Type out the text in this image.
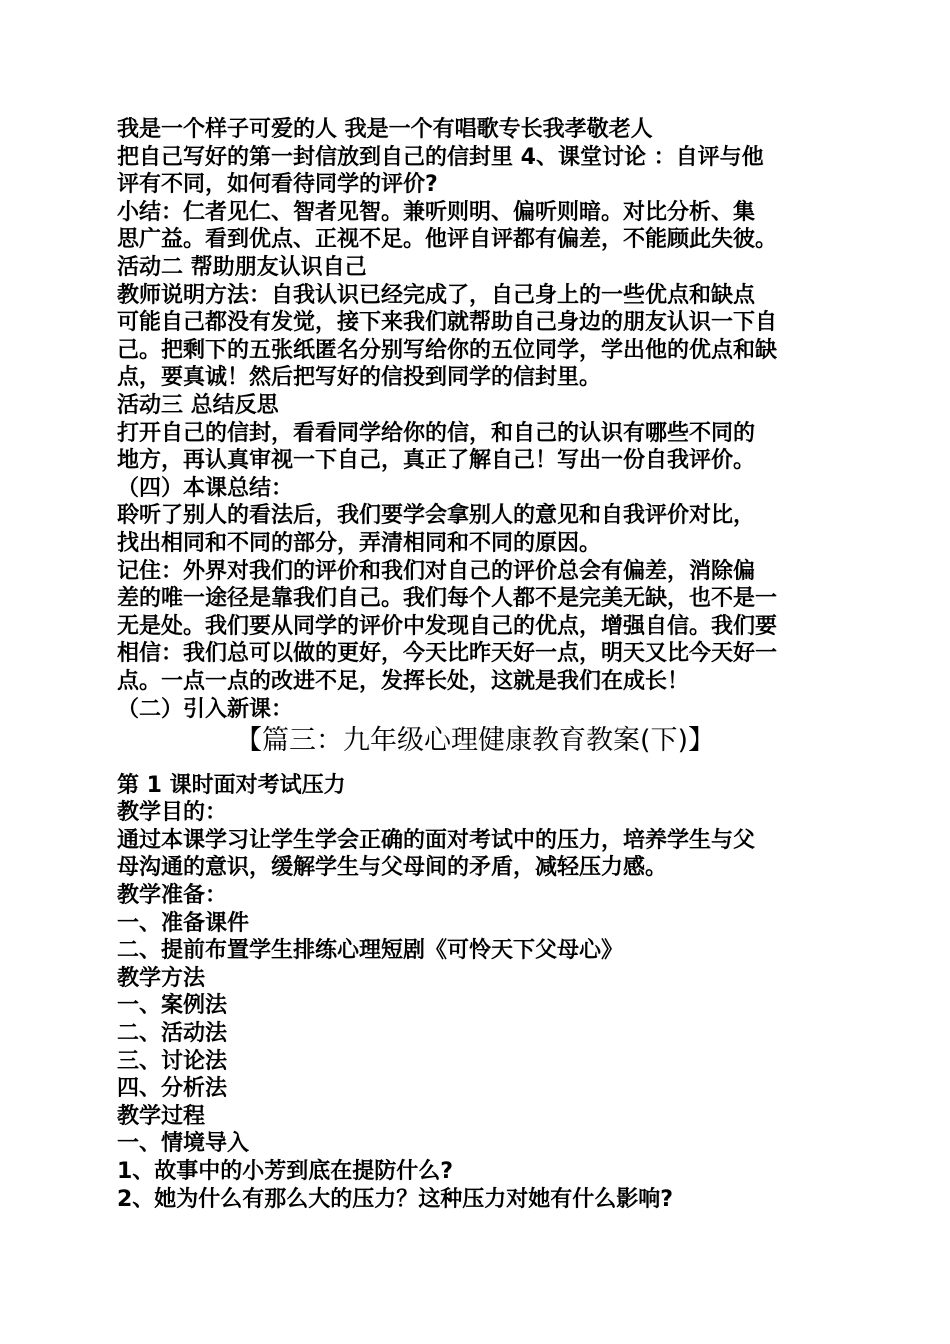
我是一个样子可爱的人 我是一个有唱歌专长我孝敬老人
把自己写好的第一封信放到自己的信封里 4、课堂讨论 ：自评与他
评有不同，如何看待同学的评价?
小结：仁者见仁、智者见智。兼听则明、偏听则暗。对比分析、集
思广益。看到优点、正视不足。他评自评都有偏差，不能顾此失彼。
活动二 帮助朋友认识自己
教师说明方法：自我认识已经完成了，自己身上的一些优点和缺点
可能自己都没有发觉，接下来我们就帮助自己身边的朋友认识一下自
己。把剩下的五张纸匿名分别写给你的五位同学，学出他的优点和缺
点，要真诚！然后把写好的信投到同学的信封里。
活动三 总结反思
打开自己的信封，看看同学给你的信，和自己的认识有哪些不同的
地方，再认真审视一下自己，真正了解自己！写出一份自我评价。
（四）本课总结：
聆听了别人的看法后，我们要学会拿别人的意见和自我评价对比，
找出相同和不同的部分，弄清相同和不同的原因。
记住：外界对我们的评价和我们对自己的评价总会有偏差，消除偏
差的唯一途径是靠我们自己。我们每个人都不是完美无缺，也不是一
无是处。我们要从同学的评价中发现自己的优点，增强自信。我们要
相信：我们总可以做的更好，今天比昨天好一点，明天又比今天好一
点。一点一点的改进不足，发挥长处，这就是我们在成长！
（二）引入新课：
【篇三：九年级心理健康教育教案(下)】
第 1 课时面对考试压力
教学目的：
通过本课学习让学生学会正确的面对考试中的压力，培养学生与父
母沟通的意识，缓解学生与父母间的矛盾，减轻压力感。
教学准备：
一、准备课件
二、提前布置学生排练心理短剧《可怜天下父母心》
教学方法
一、案例法
二、活动法
三、讨论法
四、分析法
教学过程
一、情境导入
1、故事中的小芳到底在提防什么?
2、她为什么有那么大的压力？这种压力对她有什么影响?
